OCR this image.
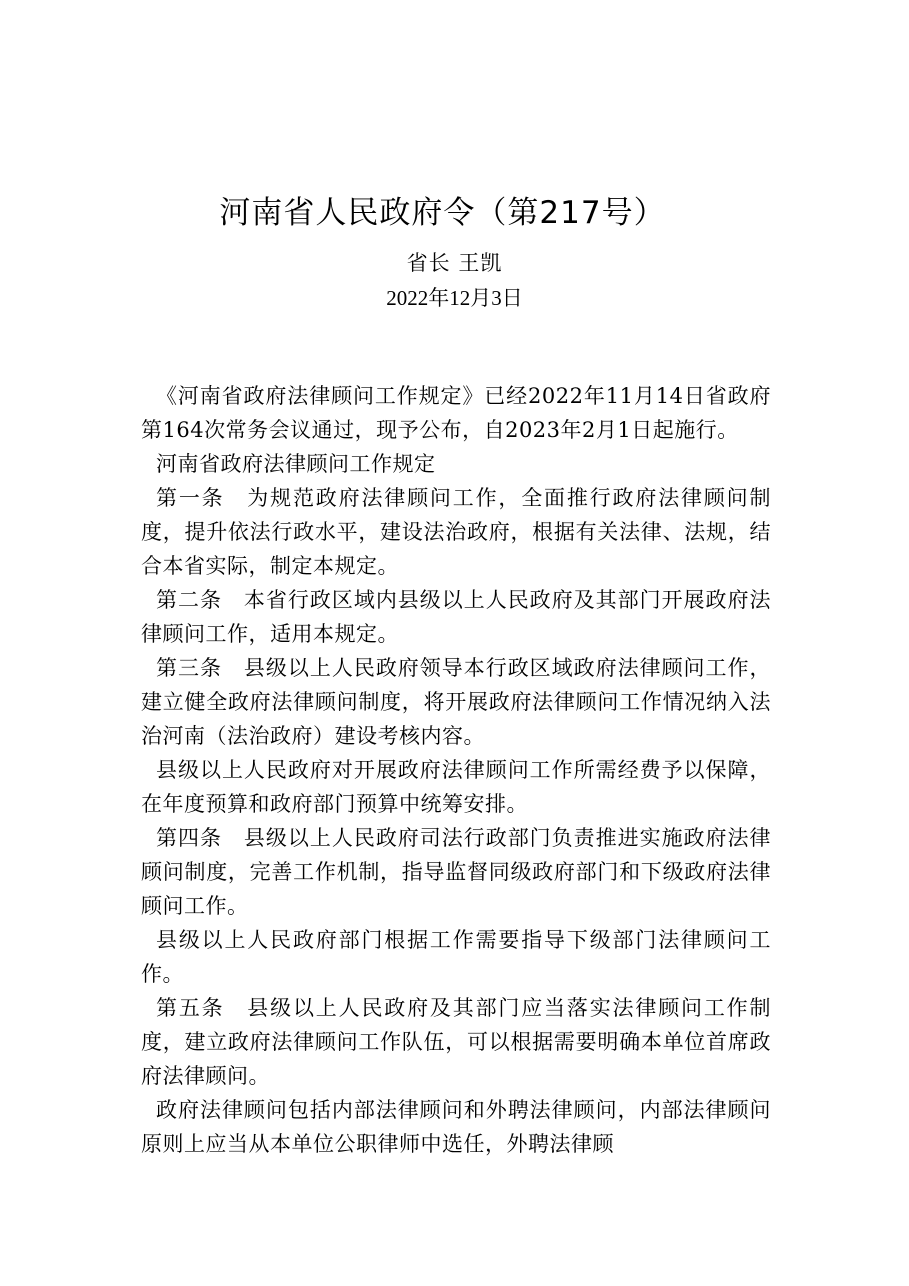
河南省人民政府令（第217号）
省长 王凯
2022年12月3日

《河南省政府法律顾问工作规定》已经2022年11月14日省政府第164次常务会议通过，现予公布，自2023年2月1日起施行。

河南省政府法律顾问工作规定

第一条　为规范政府法律顾问工作，全面推行政府法律顾问制度，提升依法行政水平，建设法治政府，根据有关法律、法规，结合本省实际，制定本规定。

第二条　本省行政区域内县级以上人民政府及其部门开展政府法律顾问工作，适用本规定。

第三条　县级以上人民政府领导本行政区域政府法律顾问工作，建立健全政府法律顾问制度，将开展政府法律顾问工作情况纳入法治河南（法治政府）建设考核内容。

县级以上人民政府对开展政府法律顾问工作所需经费予以保障，在年度预算和政府部门预算中统筹安排。

第四条　县级以上人民政府司法行政部门负责推进实施政府法律顾问制度，完善工作机制，指导监督同级政府部门和下级政府法律顾问工作。

县级以上人民政府部门根据工作需要指导下级部门法律顾问工作。

第五条　县级以上人民政府及其部门应当落实法律顾问工作制度，建立政府法律顾问工作队伍，可以根据需要明确本单位首席政府法律顾问。

政府法律顾问包括内部法律顾问和外聘法律顾问，内部法律顾问原则上应当从本单位公职律师中选任，外聘法律顾
